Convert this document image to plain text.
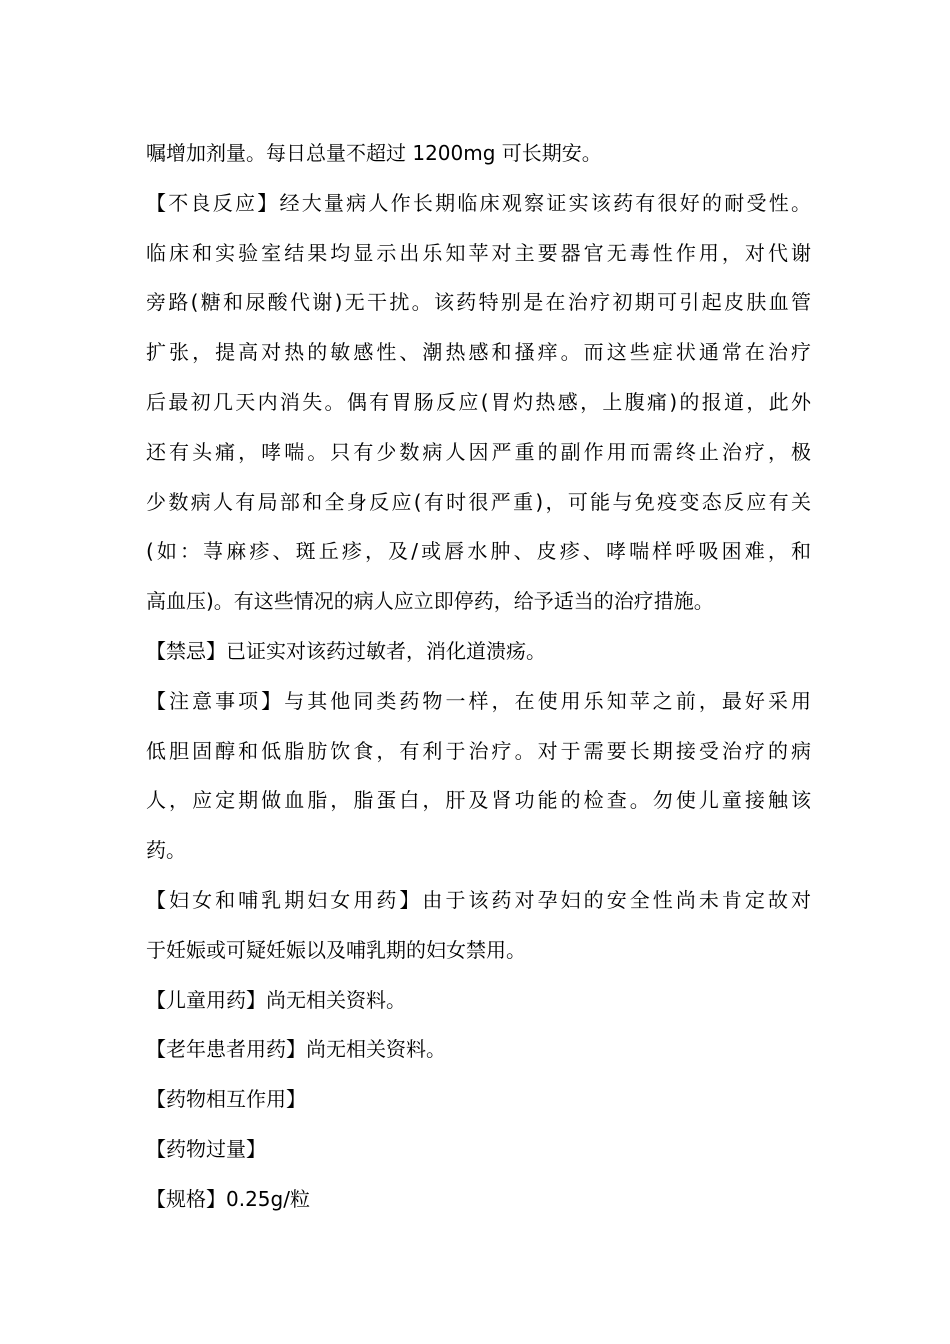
嘱增加剂量。每日总量不超过 1200mg 可长期安。
【不良反应】经大量病人作长期临床观察证实该药有很好的耐受性。
临床和实验室结果均显示出乐知苹对主要器官无毒性作用，对代谢
旁路(糖和尿酸代谢)无干扰。该药特别是在治疗初期可引起皮肤血管
扩张，提高对热的敏感性、潮热感和搔痒。而这些症状通常在治疗
后最初几天内消失。偶有胃肠反应(胃灼热感，上腹痛)的报道，此外
还有头痛，哮喘。只有少数病人因严重的副作用而需终止治疗，极
少数病人有局部和全身反应(有时很严重)，可能与免疫变态反应有关
(如：荨麻疹、斑丘疹，及/或唇水肿、皮疹、哮喘样呼吸困难，和
高血压)。有这些情况的病人应立即停药，给予适当的治疗措施。
【禁忌】已证实对该药过敏者，消化道溃疡。
【注意事项】与其他同类药物一样，在使用乐知苹之前，最好采用
低胆固醇和低脂肪饮食，有利于治疗。对于需要长期接受治疗的病
人，应定期做血脂，脂蛋白，肝及肾功能的检查。勿使儿童接触该
药。
【妇女和哺乳期妇女用药】由于该药对孕妇的安全性尚未肯定故对
于妊娠或可疑妊娠以及哺乳期的妇女禁用。
【儿童用药】尚无相关资料。
【老年患者用药】尚无相关资料。
【药物相互作用】
【药物过量】
【规格】0.25g/粒
